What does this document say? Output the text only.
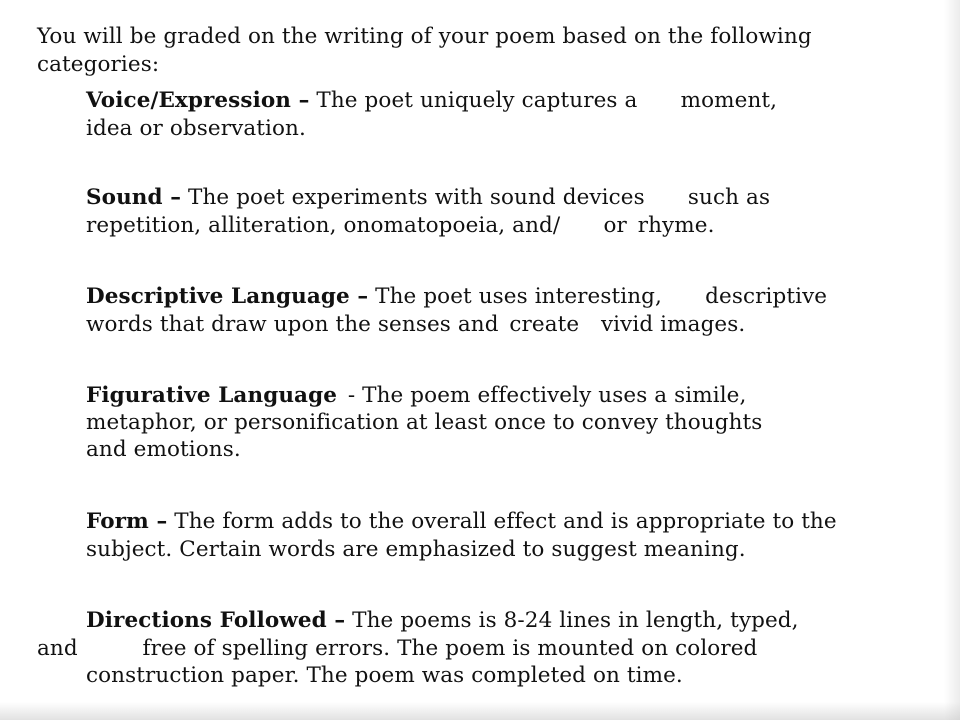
You will be graded on the writing of your poem based on the following
categories:
Voice/Expression – The poet uniquely captures a  moment,
idea or observation.
Sound – The poet experiments with sound devices  such as
repetition, alliteration, onomatopoeia, and/  or rhyme.
Descriptive Language – The poet uses interesting,  descriptive
words that draw upon the senses and create  vivid images.
Figurative Language - The poem effectively uses a simile,
metaphor, or personification at least once to convey thoughts
and emotions.
Form – The form adds to the overall effect and is appropriate to the
subject. Certain words are emphasized to suggest meaning.
Directions Followed – The poems is 8-24 lines in length, typed,
and   free of spelling errors. The poem is mounted on colored
construction paper. The poem was completed on time.
